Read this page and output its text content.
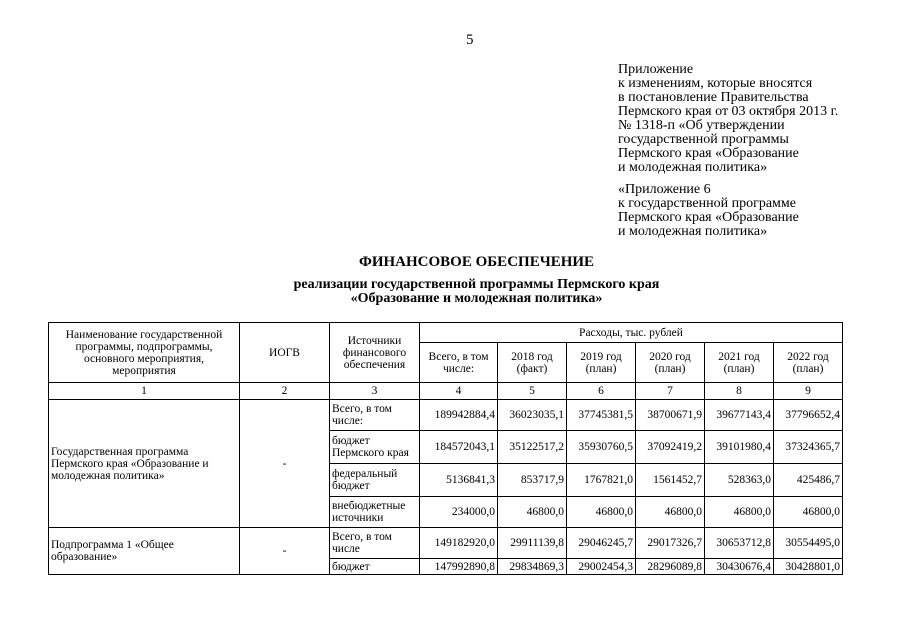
5
Приложение
к изменениям, которые вносятся
в постановление Правительства
Пермского края от 03 октября 2013 г.
№ 1318-п «Об утверждении
государственной программы
Пермского края «Образование
и молодежная политика»
«Приложение 6
к государственной программе
Пермского края «Образование
и молодежная политика»
ФИНАНСОВОЕ ОБЕСПЕЧЕНИЕ
реализации государственной программы Пермского края
«Образование и молодежная политика»
Наименование государственной программы, подпрограммы, основного мероприятия, мероприятия	ИОГВ	Источники финансового обеспечения	Расходы, тыс. рублей					
			Всего, в том числе:	2018 год (факт)	2019 год (план)	2020 год (план)	2021 год (план)	2022 год (план)
1	2	3	4	5	6	7	8	9
Государственная программа Пермского края «Образование и молодежная политика»	-	Всего, в том числе:	189942884,4	36023035,1	37745381,5	38700671,9	39677143,4	37796652,4
		бюджет Пермского края	184572043,1	35122517,2	35930760,5	37092419,2	39101980,4	37324365,7
		федеральный бюджет	5136841,3	853717,9	1767821,0	1561452,7	528363,0	425486,7
		внебюджетные источники	234000,0	46800,0	46800,0	46800,0	46800,0	46800,0
Подпрограмма 1 «Общее образование»	-	Всего, в том числе	149182920,0	29911139,8	29046245,7	29017326,7	30653712,8	30554495,0
		бюджет	147992890,8	29834869,3	29002454,3	28296089,8	30430676,4	30428801,0
